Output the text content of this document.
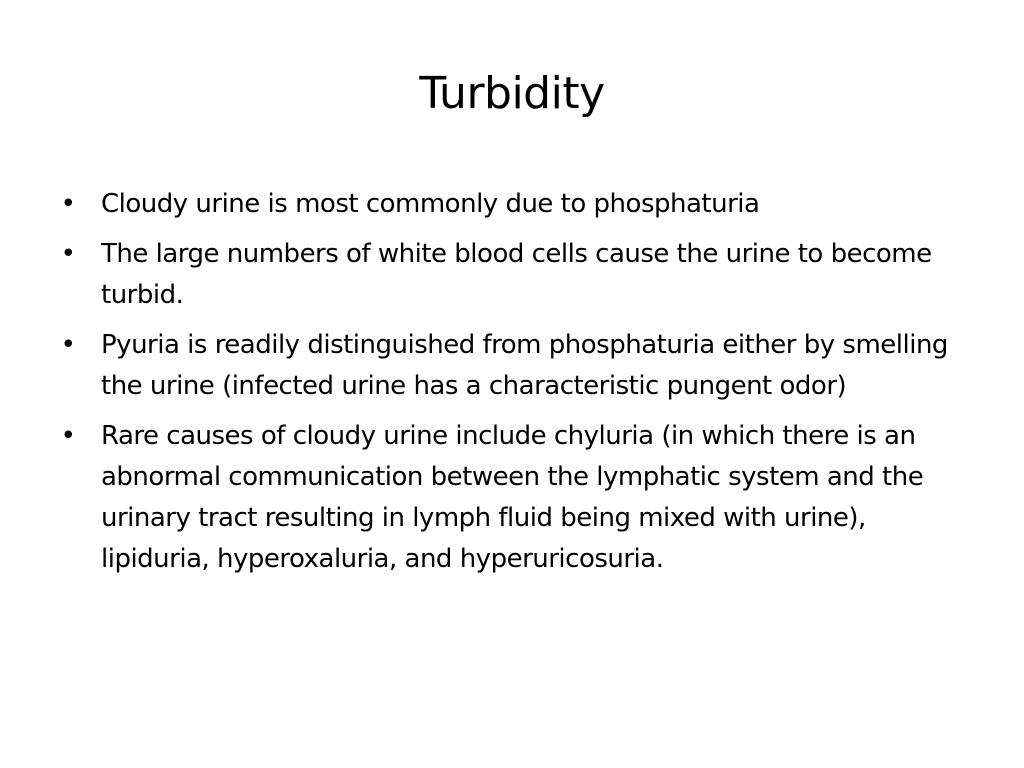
Turbidity
• Cloudy urine is most commonly due to phosphaturia
• The large numbers of white blood cells cause the urine to become turbid.
• Pyuria is readily distinguished from phosphaturia either by smelling the urine (infected urine has a characteristic pungent odor)
• Rare causes of cloudy urine include chyluria (in which there is an abnormal communication between the lymphatic system and the urinary tract resulting in lymph fluid being mixed with urine), lipiduria, hyperoxaluria, and hyperuricosuria.
